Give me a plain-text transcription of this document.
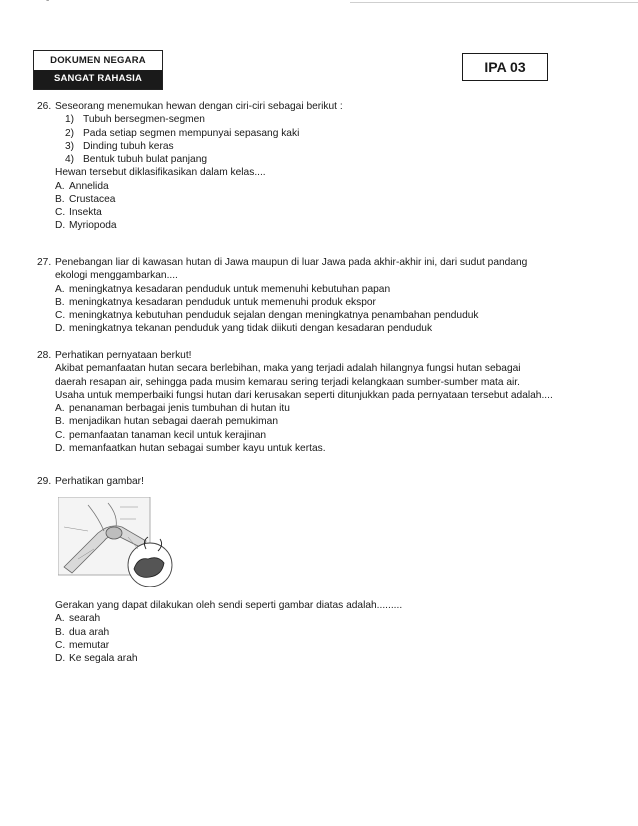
-
DOKUMEN NEGARA
SANGAT RAHASIA
IPA 03
26. Seseorang menemukan hewan dengan ciri-ciri sebagai berikut :
1) Tubuh bersegmen-segmen
2) Pada setiap segmen mempunyai sepasang kaki
3) Dinding tubuh keras
4) Bentuk tubuh bulat panjang
Hewan tersebut diklasifikasikan dalam kelas....
A. Annelida
B. Crustacea
C. Insekta
D. Myriopoda
27. Penebangan liar di kawasan hutan di Jawa maupun di luar Jawa pada akhir-akhir ini, dari sudut pandang
ekologi menggambarkan....
A. meningkatnya kesadaran penduduk untuk memenuhi kebutuhan papan
B. meningkatnya kesadaran penduduk untuk memenuhi produk ekspor
C. meningkatnya kebutuhan penduduk sejalan dengan meningkatnya penambahan penduduk
D. meningkatnya tekanan penduduk yang tidak diikuti dengan kesadaran penduduk
28. Perhatikan pernyataan berkut!
Akibat pemanfaatan hutan secara berlebihan, maka yang terjadi adalah hilangnya fungsi hutan sebagai
daerah resapan air, sehingga pada musim kemarau sering terjadi kelangkaan sumber-sumber mata air.
Usaha untuk memperbaiki fungsi hutan dari kerusakan seperti ditunjukkan pada pernyataan tersebut adalah....
A. penanaman berbagai jenis tumbuhan di hutan itu
B. menjadikan hutan sebagai daerah pemukiman
C. pemanfaatan tanaman kecil untuk kerajinan
D. memanfaatkan hutan sebagai sumber kayu untuk kertas.
29. Perhatikan gambar!
Gerakan yang dapat dilakukan oleh sendi seperti gambar diatas adalah.........
A. searah
B. dua arah
C. memutar
D. Ke segala arah
